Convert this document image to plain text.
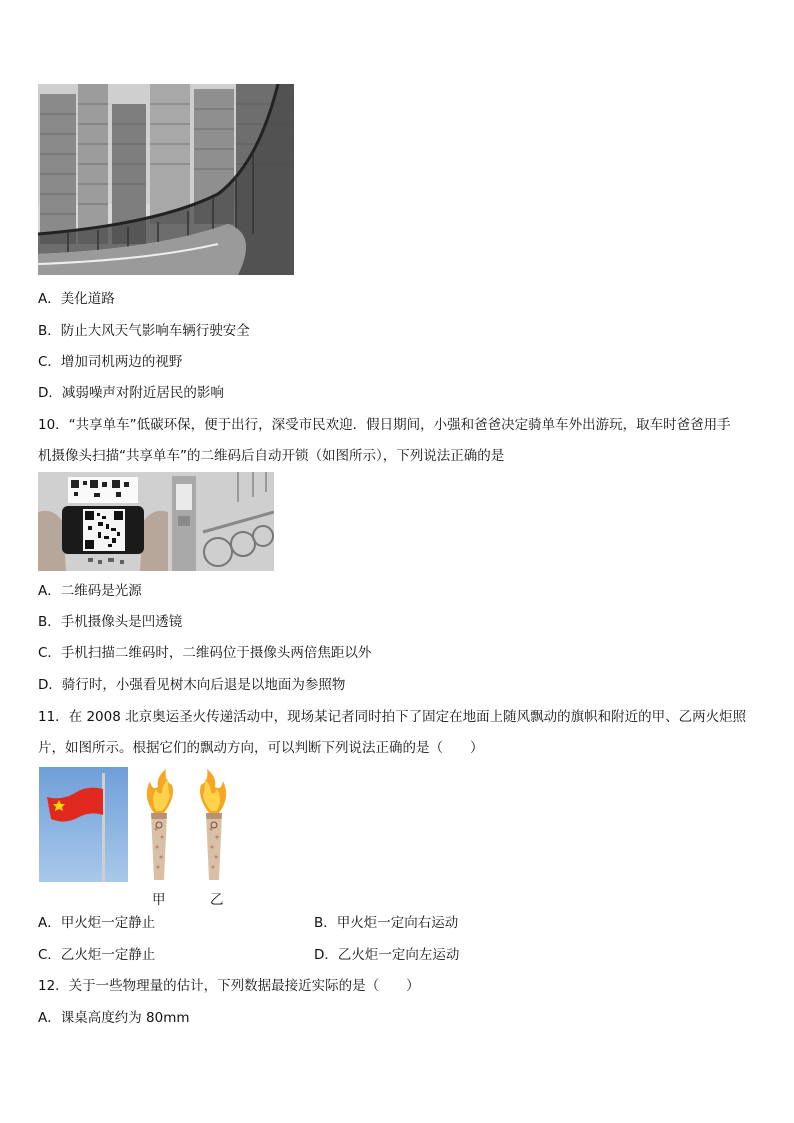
A．美化道路
B．防止大风天气影响车辆行驶安全
C．增加司机两边的视野
D．减弱噪声对附近居民的影响
10．“共享单车”低碳环保，便于出行，深受市民欢迎．假日期间，小强和爸爸决定骑单车外出游玩，取车时爸爸用手
机摄像头扫描“共享单车”的二维码后自动开锁（如图所示），下列说法正确的是
A．二维码是光源
B．手机摄像头是凹透镜
C．手机扫描二维码时，二维码位于摄像头两倍焦距以外
D．骑行时，小强看见树木向后退是以地面为参照物
11．在 2008 北京奥运圣火传递活动中，现场某记者同时拍下了固定在地面上随风飘动的旗帜和附近的甲、乙两火炬照
片，如图所示。根据它们的飘动方向，可以判断下列说法正确的是（　　）
甲	乙
A．甲火炬一定静止	B．甲火炬一定向右运动
C．乙火炬一定静止	D．乙火炬一定向左运动
12．关于一些物理量的估计，下列数据最接近实际的是（　　）
A．课桌高度约为 80mm
